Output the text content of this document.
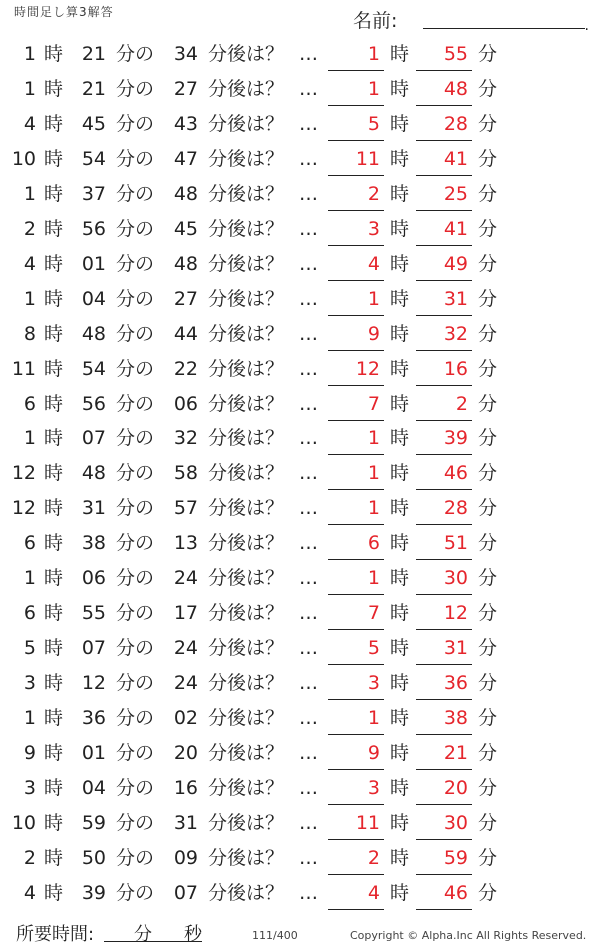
時間足し算3解答	名前:	.
1 時 21 分の	34 分後は？ …	1 時 55 分
1 時 21 分の	27 分後は？ …	1 時 48 分
4 時 45 分の	43 分後は？ …	5 時 28 分
10 時 54 分の	47 分後は？ … 11 時 41 分
1 時 37 分の	48 分後は？ …	2 時 25 分
2 時 56 分の	45 分後は？ …	3 時 41 分
4 時 01 分の	48 分後は？ …	4 時 49 分
1 時 04 分の	27 分後は？ …	1 時 31 分
8 時 48 分の	44 分後は？ …	9 時 32 分
11 時 54 分の	22 分後は？ … 12 時 16 分
6 時 56 分の	06 分後は？ …	7 時 2 分
1 時 07 分の	32 分後は？ …	1 時 39 分
12 時 48 分の	58 分後は？ …	1 時 46 分
12 時 31 分の	57 分後は？ …	1 時 28 分
6 時 38 分の	13 分後は？ …	6 時 51 分
1 時 06 分の	24 分後は？ …	1 時 30 分
6 時 55 分の	17 分後は？ …	7 時 12 分
5 時 07 分の	24 分後は？ …	5 時 31 分
3 時 12 分の	24 分後は？ …	3 時 36 分
1 時 36 分の	02 分後は？ …	1 時 38 分
9 時 01 分の	20 分後は？ …	9 時 21 分
3 時 04 分の	16 分後は？ …	3 時 20 分
10 時 59 分の	31 分後は？ … 11 時 30 分
2 時 50 分の	09 分後は？ …	2 時 59 分
4 時 39 分の	07 分後は？ …	4 時 46 分
所要時間: 分 秒	111/400	Copyright © Alpha.Inc All Rights Reserved.
